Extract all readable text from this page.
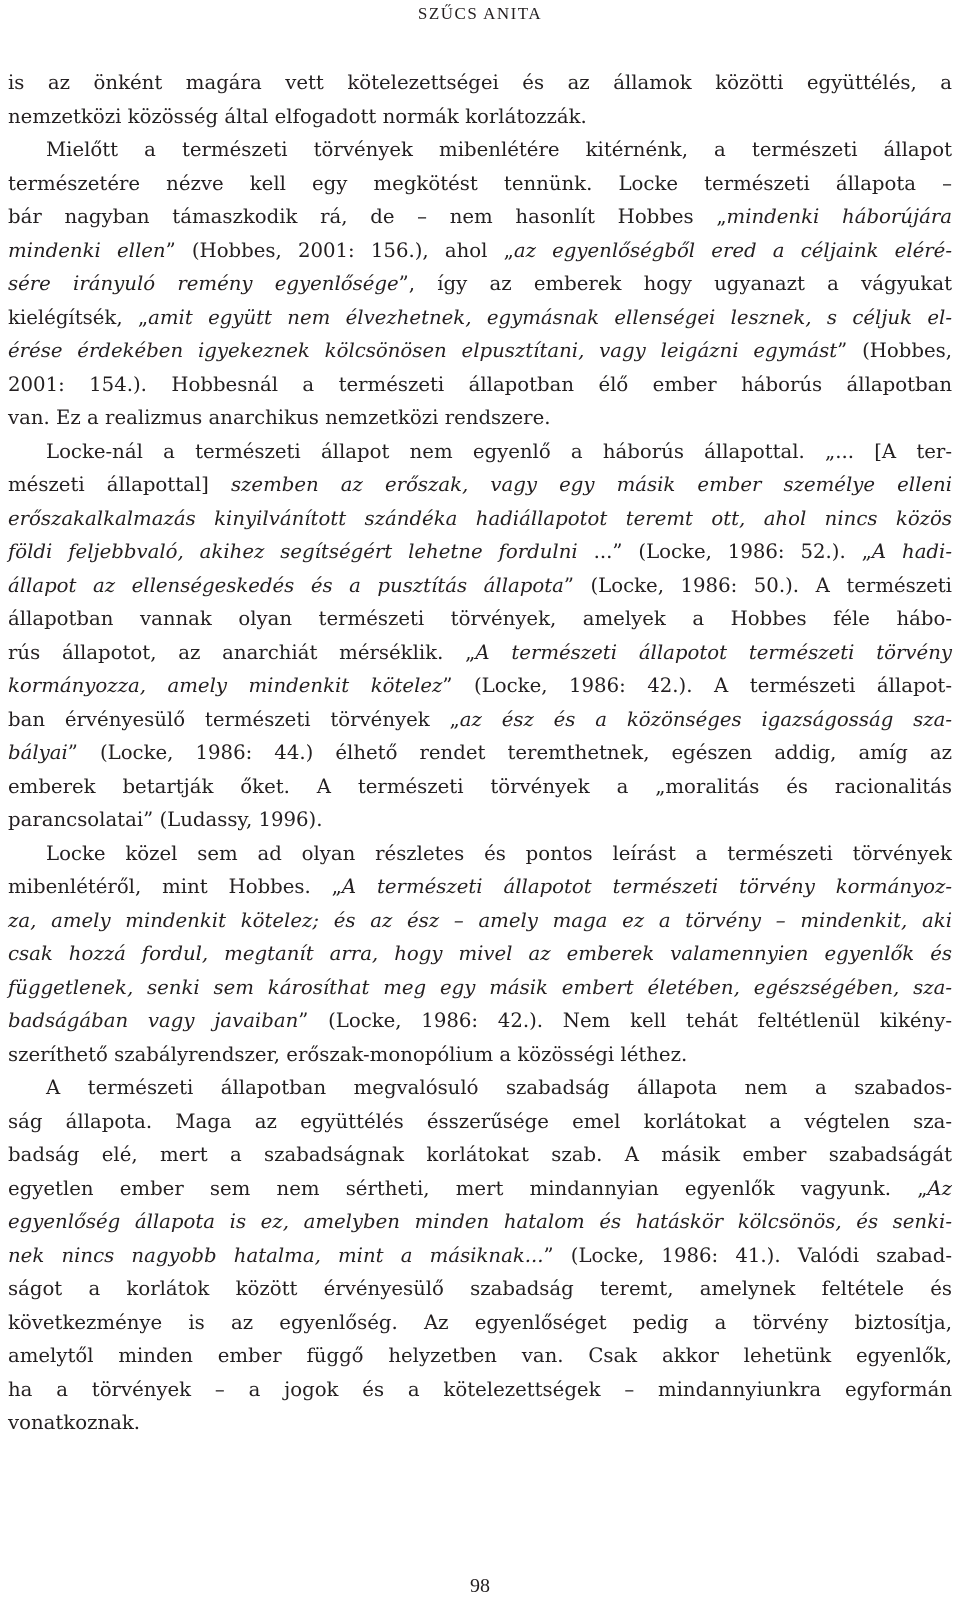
SZŰCS ANITA
is az önként magára vett kötelezettségei és az államok közötti együttélés, a
nemzetközi közösség által elfogadott normák korlátozzák.
Mielőtt a természeti törvények mibenlétére kitérnénk, a természeti állapot
természetére nézve kell egy megkötést tennünk. Locke természeti állapota –
bár nagyban támaszkodik rá, de – nem hasonlít Hobbes „mindenki háborújára
mindenki ellen” (Hobbes, 2001: 156.), ahol „az egyenlőségből ered a céljaink eléré-
sére irányuló remény egyenlősége”, így az emberek hogy ugyanazt a vágyukat
kielégítsék, „amit együtt nem élvezhetnek, egymásnak ellenségei lesznek, s céljuk el-
érése érdekében igyekeznek kölcsönösen elpusztítani, vagy leigázni egymást” (Hobbes,
2001: 154.). Hobbesnál a természeti állapotban élő ember háborús állapotban
van. Ez a realizmus anarchikus nemzetközi rendszere.
Locke-nál a természeti állapot nem egyenlő a háborús állapottal. „... [A ter-
mészeti állapottal] szemben az erőszak, vagy egy másik ember személye elleni
erőszakalkalmazás kinyilvánított szándéka hadiállapotot teremt ott, ahol nincs közös
földi feljebbvaló, akihez segítségért lehetne fordulni ...” (Locke, 1986: 52.). „A hadi-
állapot az ellenségeskedés és a pusztítás állapota” (Locke, 1986: 50.). A természeti
állapotban vannak olyan természeti törvények, amelyek a Hobbes féle hábo-
rús állapotot, az anarchiát mérséklik. „A természeti állapotot természeti törvény
kormányozza, amely mindenkit kötelez” (Locke, 1986: 42.). A természeti állapot-
ban érvényesülő természeti törvények „az ész és a közönséges igazságosság sza-
bályai” (Locke, 1986: 44.) élhető rendet teremthetnek, egészen addig, amíg az
emberek betartják őket. A természeti törvények a „moralitás és racionalitás
parancsolatai” (Ludassy, 1996).
Locke közel sem ad olyan részletes és pontos leírást a természeti törvények
mibenlétéről, mint Hobbes. „A természeti állapotot természeti törvény kormányoz-
za, amely mindenkit kötelez; és az ész – amely maga ez a törvény – mindenkit, aki
csak hozzá fordul, megtanít arra, hogy mivel az emberek valamennyien egyenlők és
függetlenek, senki sem károsíthat meg egy másik embert életében, egészségében, sza-
badságában vagy javaiban” (Locke, 1986: 42.). Nem kell tehát feltétlenül kikény-
szeríthető szabályrendszer, erőszak-monopólium a közösségi léthez.
A természeti állapotban megvalósuló szabadság állapota nem a szabados-
ság állapota. Maga az együttélés ésszerűsége emel korlátokat a végtelen sza-
badság elé, mert a szabadságnak korlátokat szab. A másik ember szabadságát
egyetlen ember sem nem sértheti, mert mindannyian egyenlők vagyunk. „Az
egyenlőség állapota is ez, amelyben minden hatalom és hatáskör kölcsönös, és senki-
nek nincs nagyobb hatalma, mint a másiknak...” (Locke, 1986: 41.). Valódi szabad-
ságot a korlátok között érvényesülő szabadság teremt, amelynek feltétele és
következménye is az egyenlőség. Az egyenlőséget pedig a törvény biztosítja,
amelytől minden ember függő helyzetben van. Csak akkor lehetünk egyenlők,
ha a törvények – a jogok és a kötelezettségek – mindannyiunkra egyformán
vonatkoznak.
98
